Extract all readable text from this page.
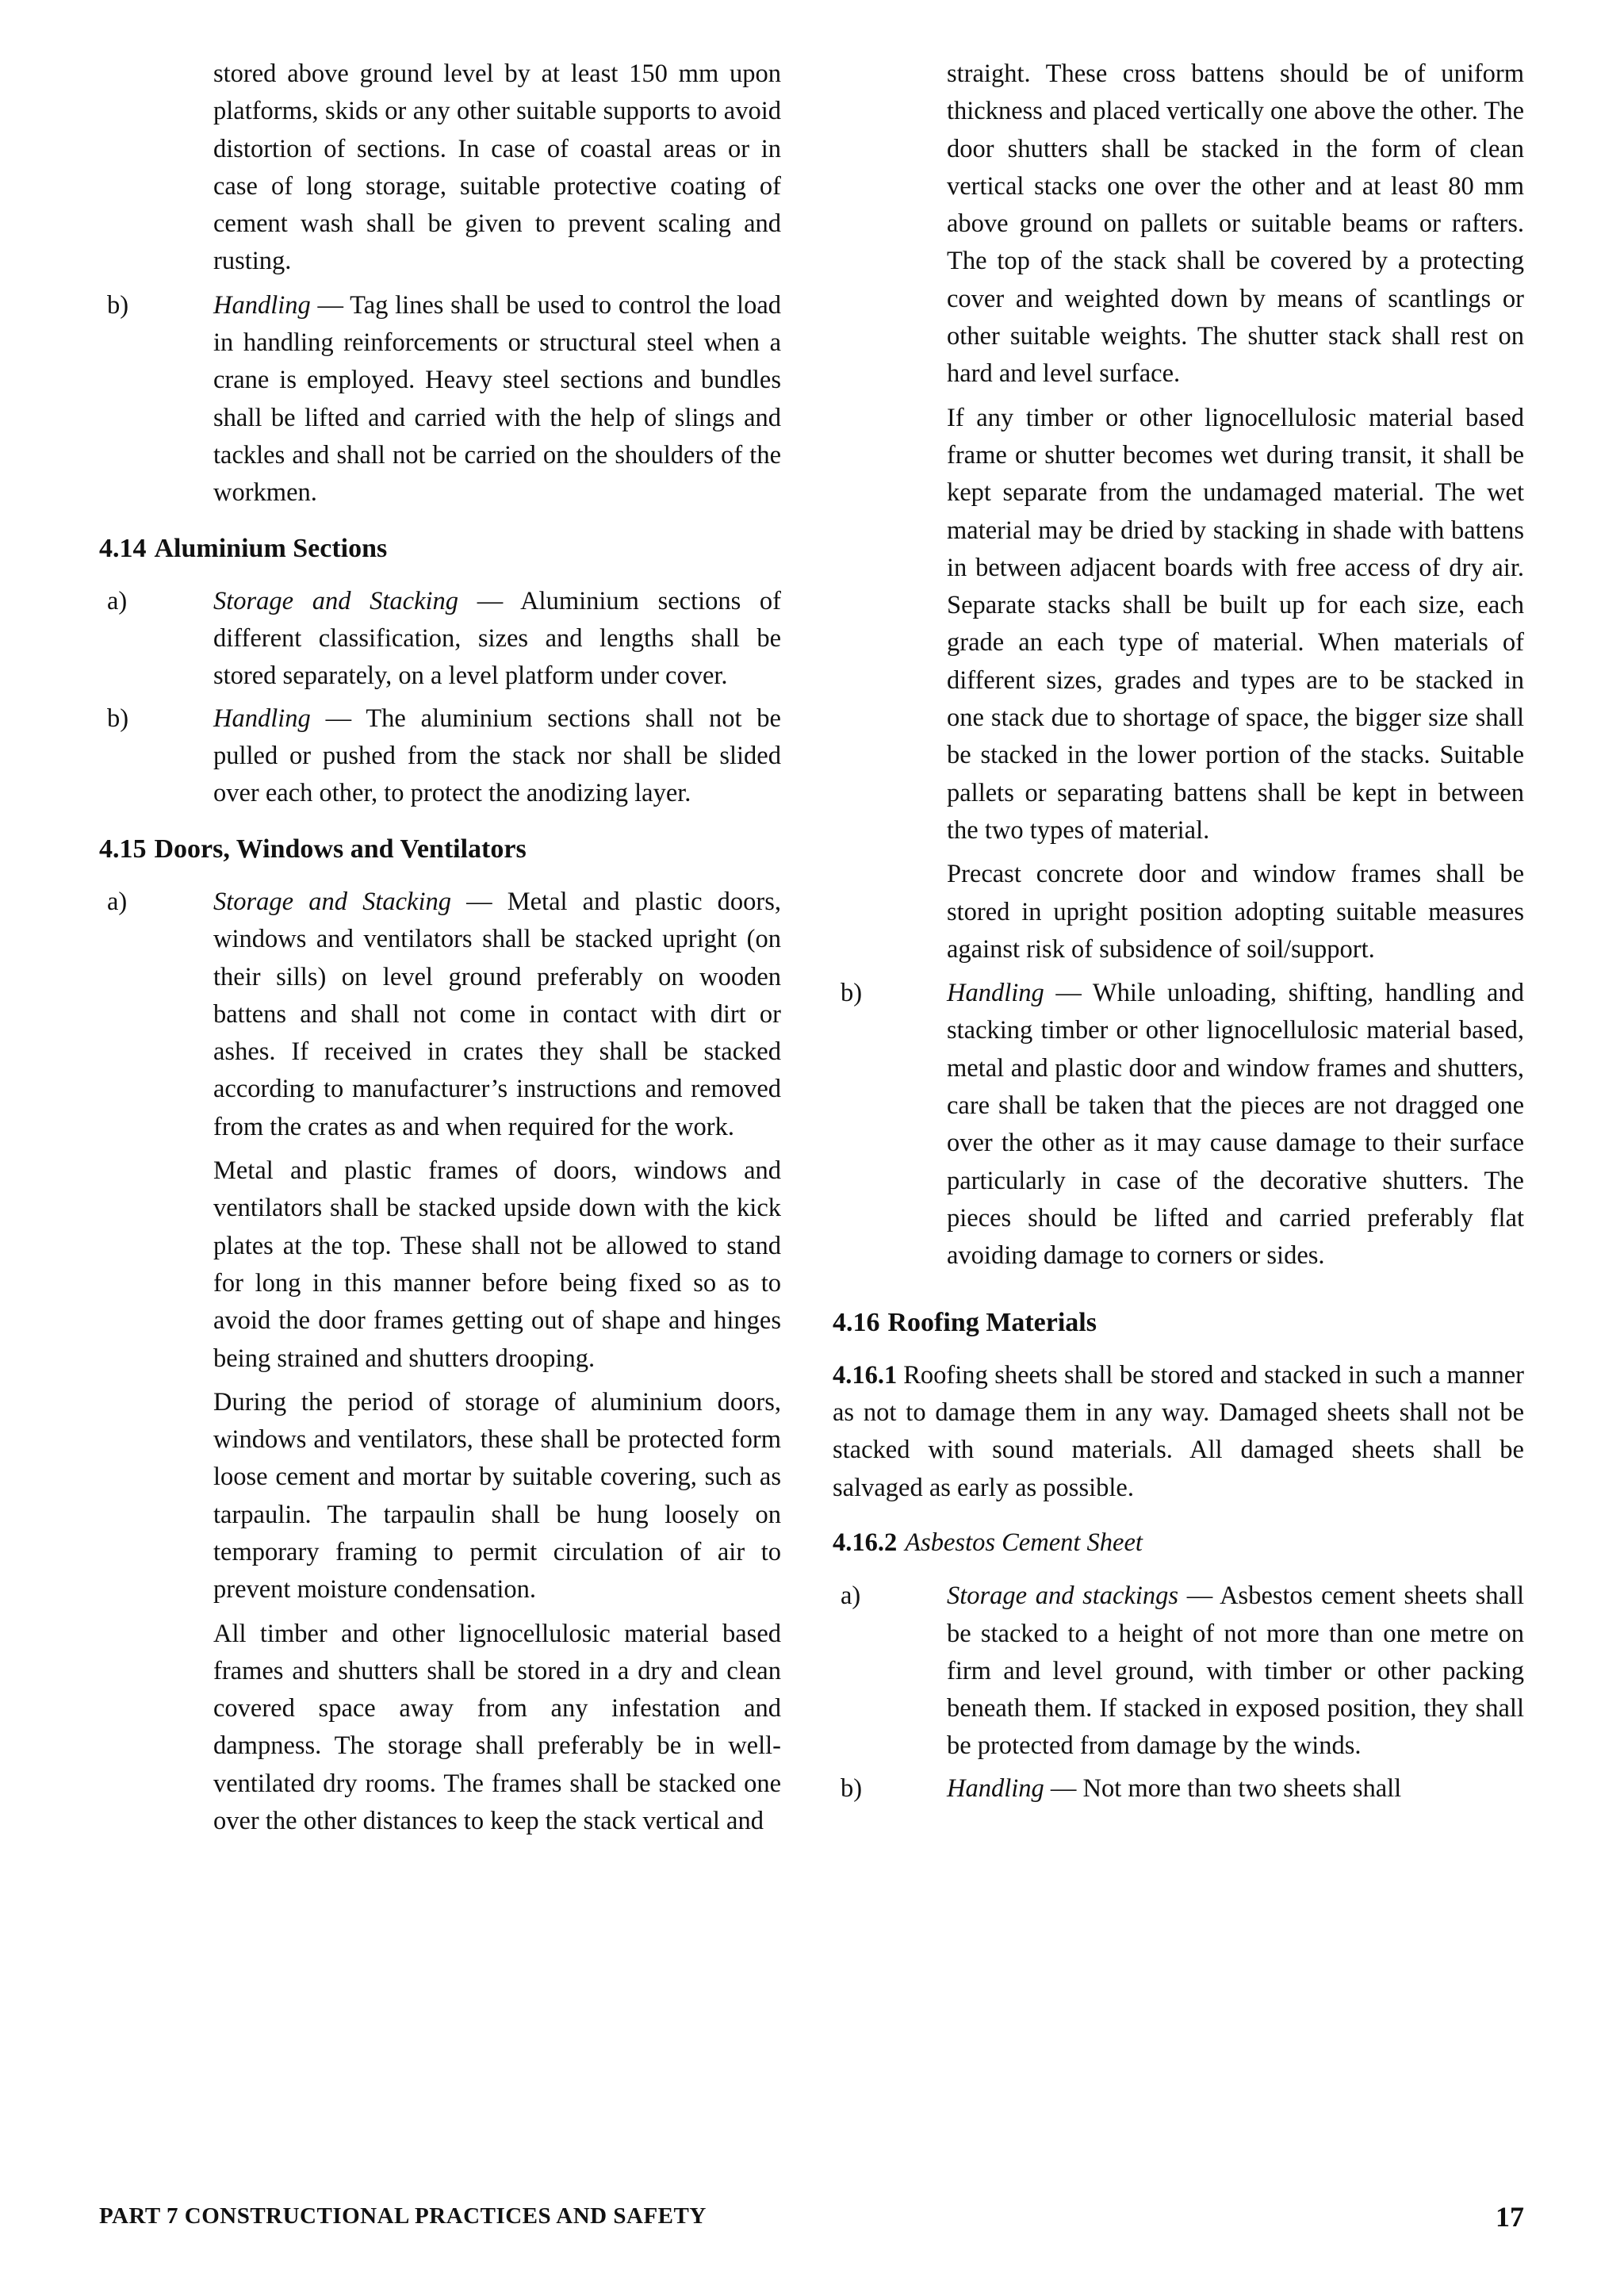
stored above ground level by at least 150 mm upon platforms, skids or any other suitable supports to avoid distortion of sections. In case of coastal areas or in case of long storage, suitable protective coating of cement wash shall be given to prevent scaling and rusting.

b)	Handling — Tag lines shall be used to control the load in handling reinforcements or structural steel when a crane is employed. Heavy steel sections and bundles shall be lifted and carried with the help of slings and tackles and shall not be carried on the shoulders of the workmen.

4.14 Aluminium Sections
a)	Storage and Stacking — Aluminium sections of different classification, sizes and lengths shall be stored separately, on a level platform under cover.

b)	Handling — The aluminium sections shall not be pulled or pushed from the stack nor shall be slided over each other, to protect the anodizing layer.

4.15 Doors, Windows and Ventilators
a)	Storage and Stacking — Metal and plastic doors, windows and ventilators shall be stacked upright (on their sills) on level ground preferably on wooden battens and shall not come in contact with dirt or ashes. If received in crates they shall be stacked according to manufacturer’s instructions and removed from the crates as and when required for the work.

Metal and plastic frames of doors, windows and ventilators shall be stacked upside down with the kick plates at the top. These shall not be allowed to stand for long in this manner before being fixed so as to avoid the door frames getting out of shape and hinges being strained and shutters drooping.

During the period of storage of aluminium doors, windows and ventilators, these shall be protected form loose cement and mortar by suitable covering, such as tarpaulin. The tarpaulin shall be hung loosely on temporary framing to permit circulation of air to prevent moisture condensation.

All timber and other lignocellulosic material based frames and shutters shall be stored in a dry and clean covered space away from any infestation and dampness. The storage shall preferably be in well-ventilated dry rooms. The frames shall be stacked one over the other distances to keep the stack vertical and

straight. These cross battens should be of uniform thickness and placed vertically one above the other. The door shutters shall be stacked in the form of clean vertical stacks one over the other and at least 80 mm above ground on pallets or suitable beams or rafters. The top of the stack shall be covered by a protecting cover and weighted down by means of scantlings or other suitable weights. The shutter stack shall rest on hard and level surface.

If any timber or other lignocellulosic material based frame or shutter becomes wet during transit, it shall be kept separate from the undamaged material. The wet material may be dried by stacking in shade with battens in between adjacent boards with free access of dry air. Separate stacks shall be built up for each size, each grade an each type of material. When materials of different sizes, grades and types are to be stacked in one stack due to shortage of space, the bigger size shall be stacked in the lower portion of the stacks. Suitable pallets or separating battens shall be kept in between the two types of material.

Precast concrete door and window frames shall be stored in upright position adopting suitable measures against risk of subsidence of soil/support.

b)	Handling — While unloading, shifting, handling and stacking timber or other lignocellulosic material based, metal and plastic door and window frames and shutters, care shall be taken that the pieces are not dragged one over the other as it may cause damage to their surface particularly in case of the decorative shutters. The pieces should be lifted and carried preferably flat avoiding damage to corners or sides.

4.16 Roofing Materials

4.16.1 Roofing sheets shall be stored and stacked in such a manner as not to damage them in any way. Damaged sheets shall not be stacked with sound materials. All damaged sheets shall be salvaged as early as possible.

4.16.2 Asbestos Cement Sheet
a)	Storage and stackings — Asbestos cement sheets shall be stacked to a height of not more than one metre on firm and level ground, with timber or other packing beneath them. If stacked in exposed position, they shall be protected from damage by the winds.

b)	Handling — Not more than two sheets shall

PART 7 CONSTRUCTIONAL PRACTICES AND SAFETY	17
